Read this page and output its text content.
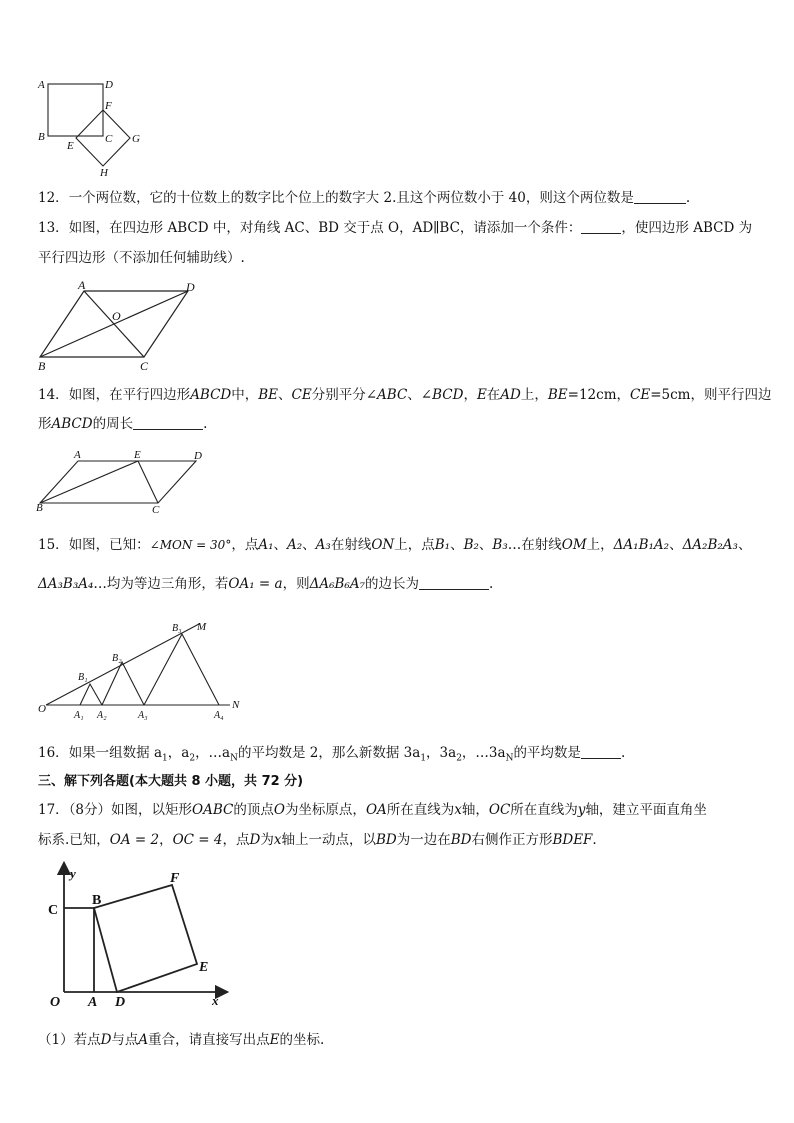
A	D
F
B
E
C G
H
12．一个两位数，它的十位数上的数字比个位上的数字大 2.且这个两位数小于 40，则这个两位数是	.
13．如图，在四边形 ABCD 中，对角线 AC、BD 交于点 O，AD∥BC，请添加一个条件：	，使四边形 ABCD 为
平行四边形（不添加任何辅助线）.
A	D
O
B	C
14．如图，在平行四边形ABCD中，BE、CE分别平分∠ABC、∠BCD，E在AD上，BE=12cm，CE=5cm，则平行四边
形ABCD的周长	.
A	E	D
B	C
15．如图，已知：∠MON = 30°，点A₁、A₂、A₃在射线ON上，点B₁、B₂、B₃…在射线OM上，ΔA₁B₁A₂、ΔA₂B₂A₃、
ΔA₃B₃A₄…均为等边三角形，若OA₁ = a，则ΔA₆B₆A₇的边长为	.
O
M
N
A₁ A₂	A₃	A₄
B₁
B₂
B₃
16．如果一组数据 $a_1$，$a_2$，$\dots a_N$的平均数是 2，那么新数据 $3a_1$，$3a_2$，$\dots 3a_N$的平均数是	.
三、解下列各题(本大题共 8 小题，共 72 分)
17．（8分）如图，以矩形OABC的顶点O为坐标原点，OA所在直线为x轴，OC所在直线为y轴，建立平面直角坐
标系.已知，OA = 2，OC = 4，点D为x轴上一动点，以BD为一边在BD右侧作正方形BDEF.
y
x
C
B
F
E
O A D
（1）若点D与点A重合，请直接写出点E的坐标.
